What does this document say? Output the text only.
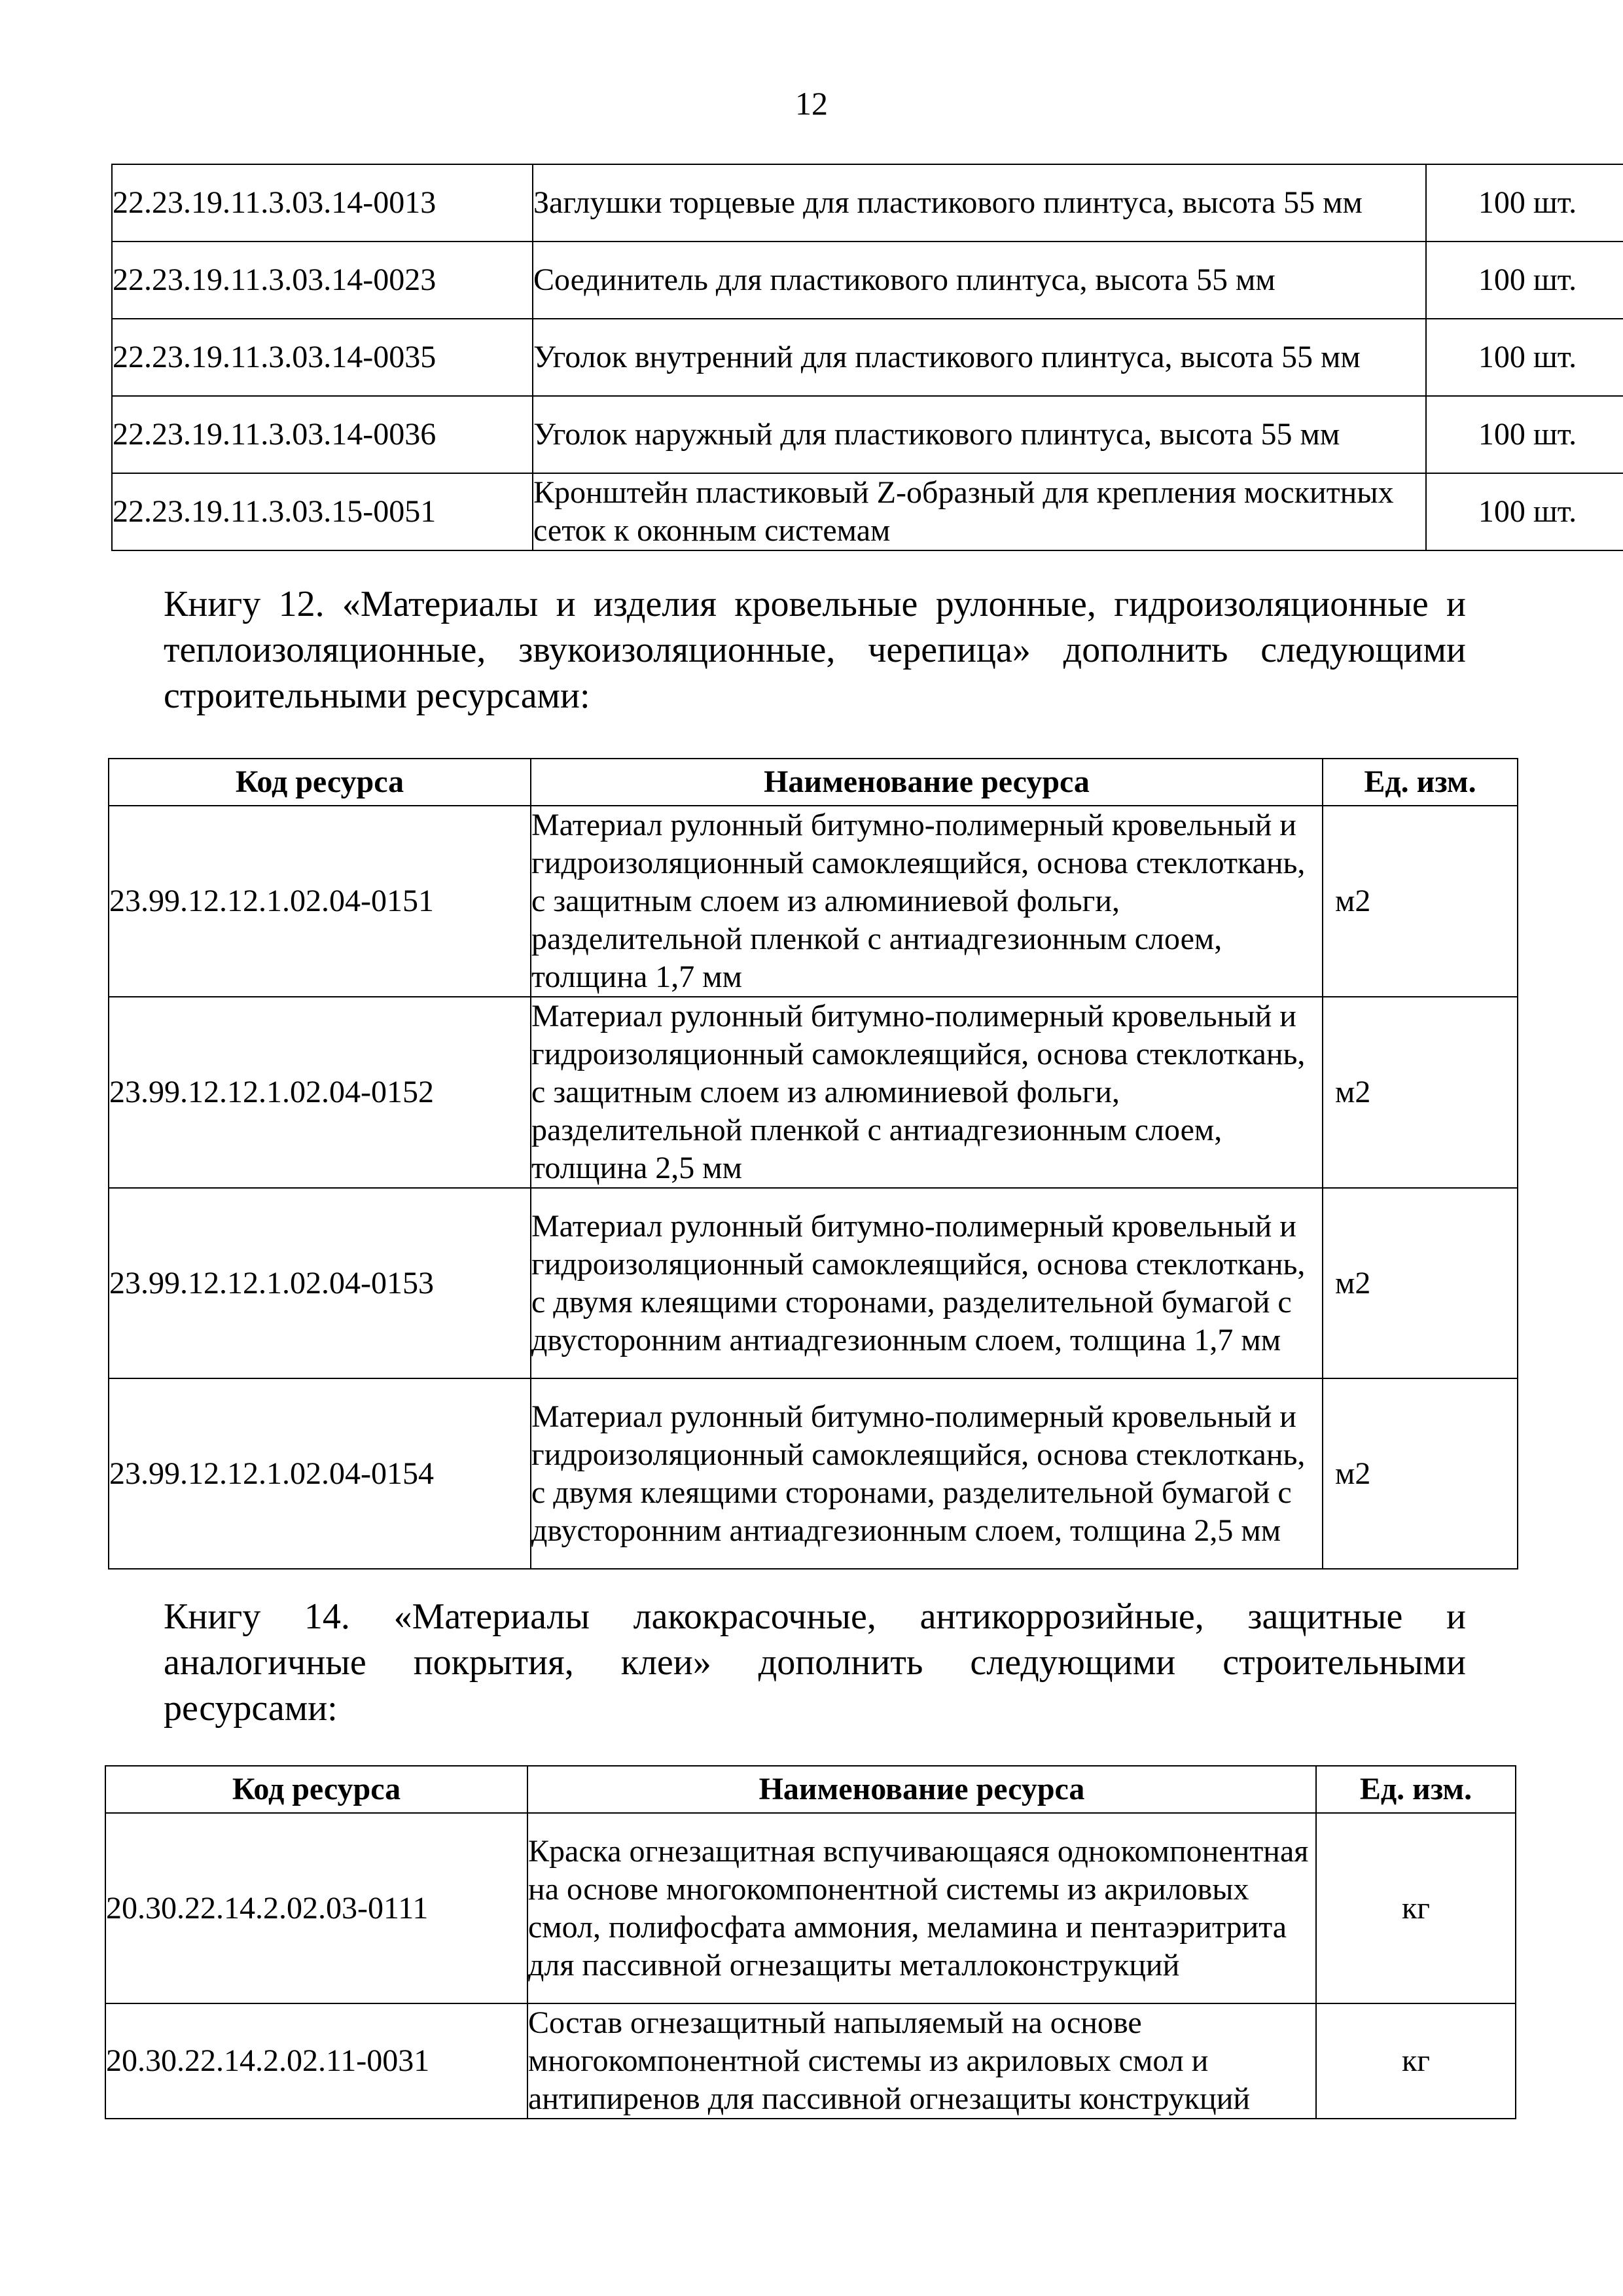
12
22.23.19.11.3.03.14-0013	Заглушки торцевые для пластикового плинтуса, высота 55 мм	100 шт.
22.23.19.11.3.03.14-0023	Соединитель для пластикового плинтуса, высота 55 мм	100 шт.
22.23.19.11.3.03.14-0035	Уголок внутренний для пластикового плинтуса, высота 55 мм	100 шт.
22.23.19.11.3.03.14-0036	Уголок наружный для пластикового плинтуса, высота 55 мм	100 шт.
22.23.19.11.3.03.15-0051	Кронштейн пластиковый Z-образный для крепления москитных сеток к оконным системам	100 шт.
Книгу 12. «Материалы и изделия кровельные рулонные, гидроизоляционные и
теплоизоляционные, звукоизоляционные, черепица» дополнить следующими
строительными ресурсами:
Код ресурса	Наименование ресурса	Ед. изм.
23.99.12.12.1.02.04-0151	Материал рулонный битумно-полимерный кровельный и гидроизоляционный самоклеящийся, основа стеклоткань, с защитным слоем из алюминиевой фольги, разделительной пленкой с антиадгезионным слоем, толщина 1,7 мм	м2
23.99.12.12.1.02.04-0152	Материал рулонный битумно-полимерный кровельный и гидроизоляционный самоклеящийся, основа стеклоткань, с защитным слоем из алюминиевой фольги, разделительной пленкой с антиадгезионным слоем, толщина 2,5 мм	м2
23.99.12.12.1.02.04-0153	Материал рулонный битумно-полимерный кровельный и гидроизоляционный самоклеящийся, основа стеклоткань, с двумя клеящими сторонами, разделительной бумагой с двусторонним антиадгезионным слоем, толщина 1,7 мм	м2
23.99.12.12.1.02.04-0154	Материал рулонный битумно-полимерный кровельный и гидроизоляционный самоклеящийся, основа стеклоткань, с двумя клеящими сторонами, разделительной бумагой с двусторонним антиадгезионным слоем, толщина 2,5 мм	м2
Книгу 14. «Материалы лакокрасочные, антикоррозийные, защитные и
аналогичные покрытия, клеи» дополнить следующими строительными
ресурсами:
Код ресурса	Наименование ресурса	Ед. изм.
20.30.22.14.2.02.03-0111	Краска огнезащитная вспучивающаяся однокомпонентная на основе многокомпонентной системы из акриловых смол, полифосфата аммония, меламина и пентаэритрита для пассивной огнезащиты металлоконструкций	кг
20.30.22.14.2.02.11-0031	Состав огнезащитный напыляемый на основе многокомпонентной системы из акриловых смол и антипиренов для пассивной огнезащиты конструкций	кг
